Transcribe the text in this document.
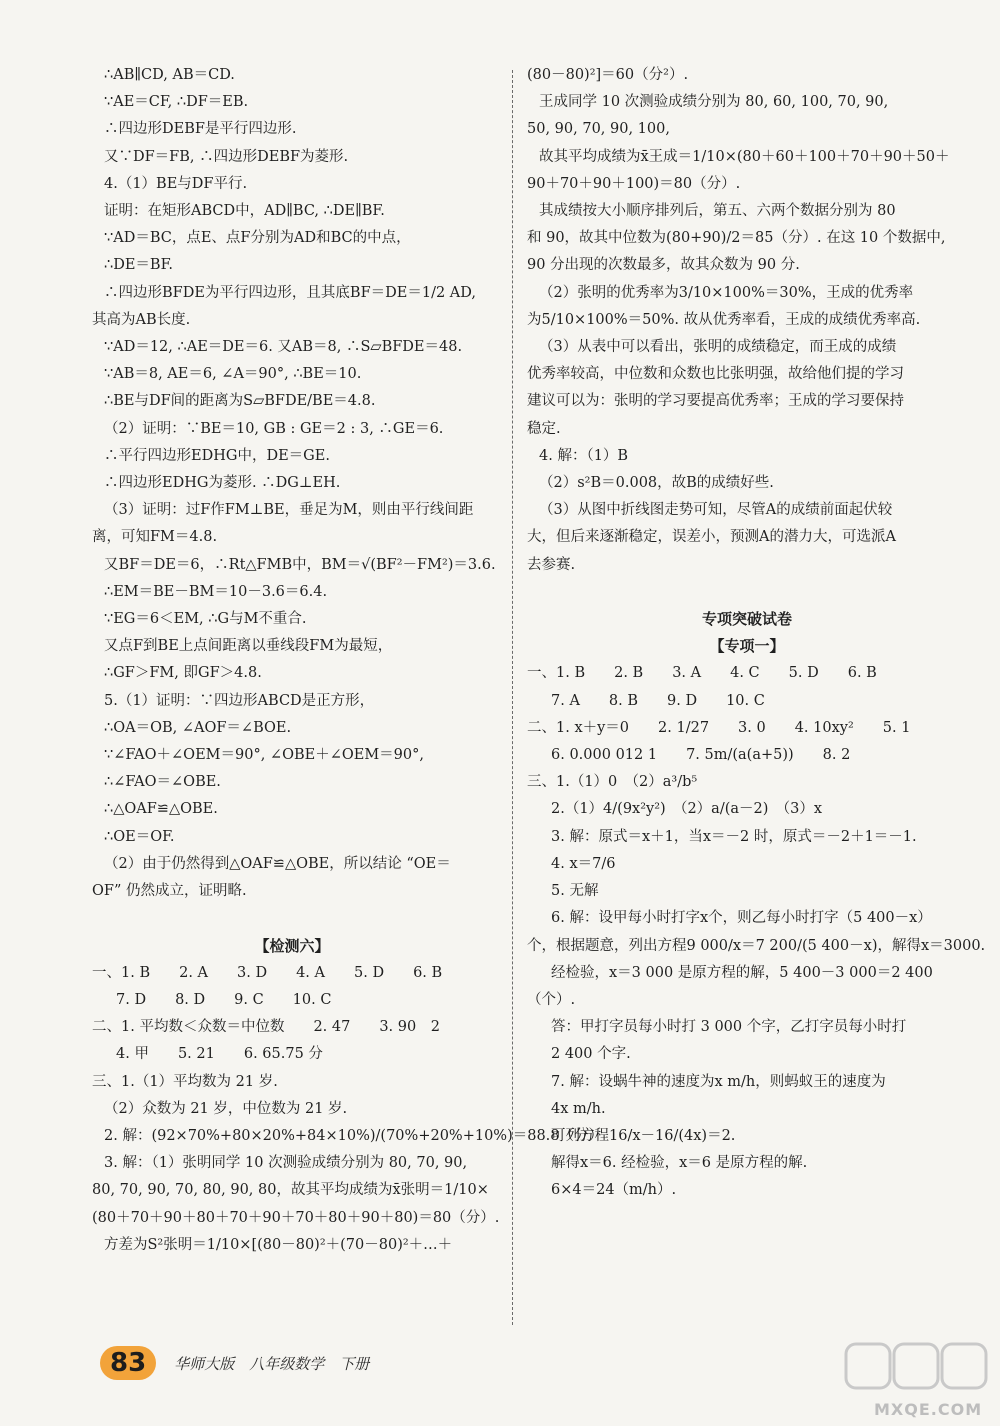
∴AB∥CD, AB＝CD.

∵AE＝CF, ∴DF＝EB.

∴四边形DEBF是平行四边形.

又∵DF＝FB, ∴四边形DEBF为菱形.

4.（1）BE与DF平行.

证明：在矩形ABCD中，AD∥BC, ∴DE∥BF.

∵AD＝BC，点E、点F分别为AD和BC的中点，

∴DE＝BF.

∴四边形BFDE为平行四边形，且其底BF＝DE＝1/2 AD,

其高为AB长度.

∵AD＝12, ∴AE＝DE＝6. 又AB＝8, ∴S▱BFDE＝48.

∵AB＝8, AE＝6, ∠A＝90°, ∴BE＝10.

∴BE与DF间的距离为S▱BFDE/BE＝4.8.

（2）证明：∵BE＝10, GB : GE＝2 : 3, ∴GE＝6.

∴平行四边形EDHG中，DE＝GE.

∴四边形EDHG为菱形. ∴DG⊥EH.

（3）证明：过F作FM⊥BE，垂足为M，则由平行线间距

离，可知FM＝4.8.

又BF＝DE＝6，∴Rt△FMB中，BM＝√(BF²－FM²)＝3.6.

∴EM＝BE－BM＝10－3.6＝6.4.

∵EG＝6＜EM, ∴G与M不重合.

又点F到BE上点间距离以垂线段FM为最短，

∴GF＞FM, 即GF＞4.8.

5.（1）证明：∵四边形ABCD是正方形，

∴OA＝OB, ∠AOF＝∠BOE.

∵∠FAO＋∠OEM＝90°, ∠OBE＋∠OEM＝90°,

∴∠FAO＝∠OBE.

∴△OAF≌△OBE.

∴OE＝OF.

（2）由于仍然得到△OAF≌△OBE，所以结论 “OE＝

OF” 仍然成立，证明略.

【检测六】

一、1. B　　2. A　　3. D　　4. A　　5. D　　6. B

7. D　　8. D　　9. C　　10. C

二、1. 平均数＜众数＝中位数　　2. 47　　3. 90　2

4. 甲　　5. 21　　6. 65.75 分

三、1.（1）平均数为 21 岁.

（2）众数为 21 岁，中位数为 21 岁.

2. 解：(92×70%+80×20%+84×10%)/(70%+20%+10%)＝88.8（分）

3. 解：（1）张明同学 10 次测验成绩分别为 80, 70, 90,

80, 70, 90, 70, 80, 90, 80，故其平均成绩为x̄张明＝1/10×

(80＋70＋90＋80＋70＋90＋70＋80＋90＋80)＝80（分）.

方差为S²张明＝1/10×[(80－80)²＋(70－80)²＋…＋

(80－80)²]＝60（分²）.

王成同学 10 次测验成绩分别为 80, 60, 100, 70, 90,

50, 90, 70, 90, 100,

故其平均成绩为x̄王成＝1/10×(80＋60＋100＋70＋90＋50＋

90＋70＋90＋100)＝80（分）.

其成绩按大小顺序排列后，第五、六两个数据分别为 80

和 90，故其中位数为(80+90)/2＝85（分）. 在这 10 个数据中,

90 分出现的次数最多，故其众数为 90 分.

（2）张明的优秀率为3/10×100%＝30%，王成的优秀率

为5/10×100%＝50%. 故从优秀率看，王成的成绩优秀率高.

（3）从表中可以看出，张明的成绩稳定，而王成的成绩

优秀率较高，中位数和众数也比张明强，故给他们提的学习

建议可以为：张明的学习要提高优秀率；王成的学习要保持

稳定.

4. 解：（1）B

（2）s²B＝0.008，故B的成绩好些.

（3）从图中折线图走势可知，尽管A的成绩前面起伏较

大，但后来逐渐稳定，误差小，预测A的潜力大，可选派A

去参赛.

专项突破试卷

【专项一】

一、1. B　　2. B　　3. A　　4. C　　5. D　　6. B

7. A　　8. B　　9. D　　10. C

二、1. x＋y＝0　　2. 1/27　　3. 0　　4. 10xy²　　5. 1

6. 0.000 012 1　　7. 5m/(a(a+5))　　8. 2

三、1.（1）0　（2）a³/b⁵

2.（1）4/(9x²y²)　（2）a/(a－2)　（3）x

3. 解：原式＝x＋1，当x＝－2 时，原式＝－2＋1＝－1.

4. x＝7/6

5. 无解

6. 解：设甲每小时打字x个，则乙每小时打字（5 400－x）

个，根据题意，列出方程9 000/x＝7 200/(5 400－x)，解得x＝3000.

经检验，x＝3 000 是原方程的解，5 400－3 000＝2 400

（个）.

答：甲打字员每小时打 3 000 个字，乙打字员每小时打

2 400 个字.

7. 解：设蜗牛神的速度为x m/h，则蚂蚁王的速度为

4x m/h.

可列方程16/x－16/(4x)＝2.

解得x＝6. 经检验，x＝6 是原方程的解.

6×4＝24（m/h）.

83	华师大版　八年级数学　下册
MXQE.COM
